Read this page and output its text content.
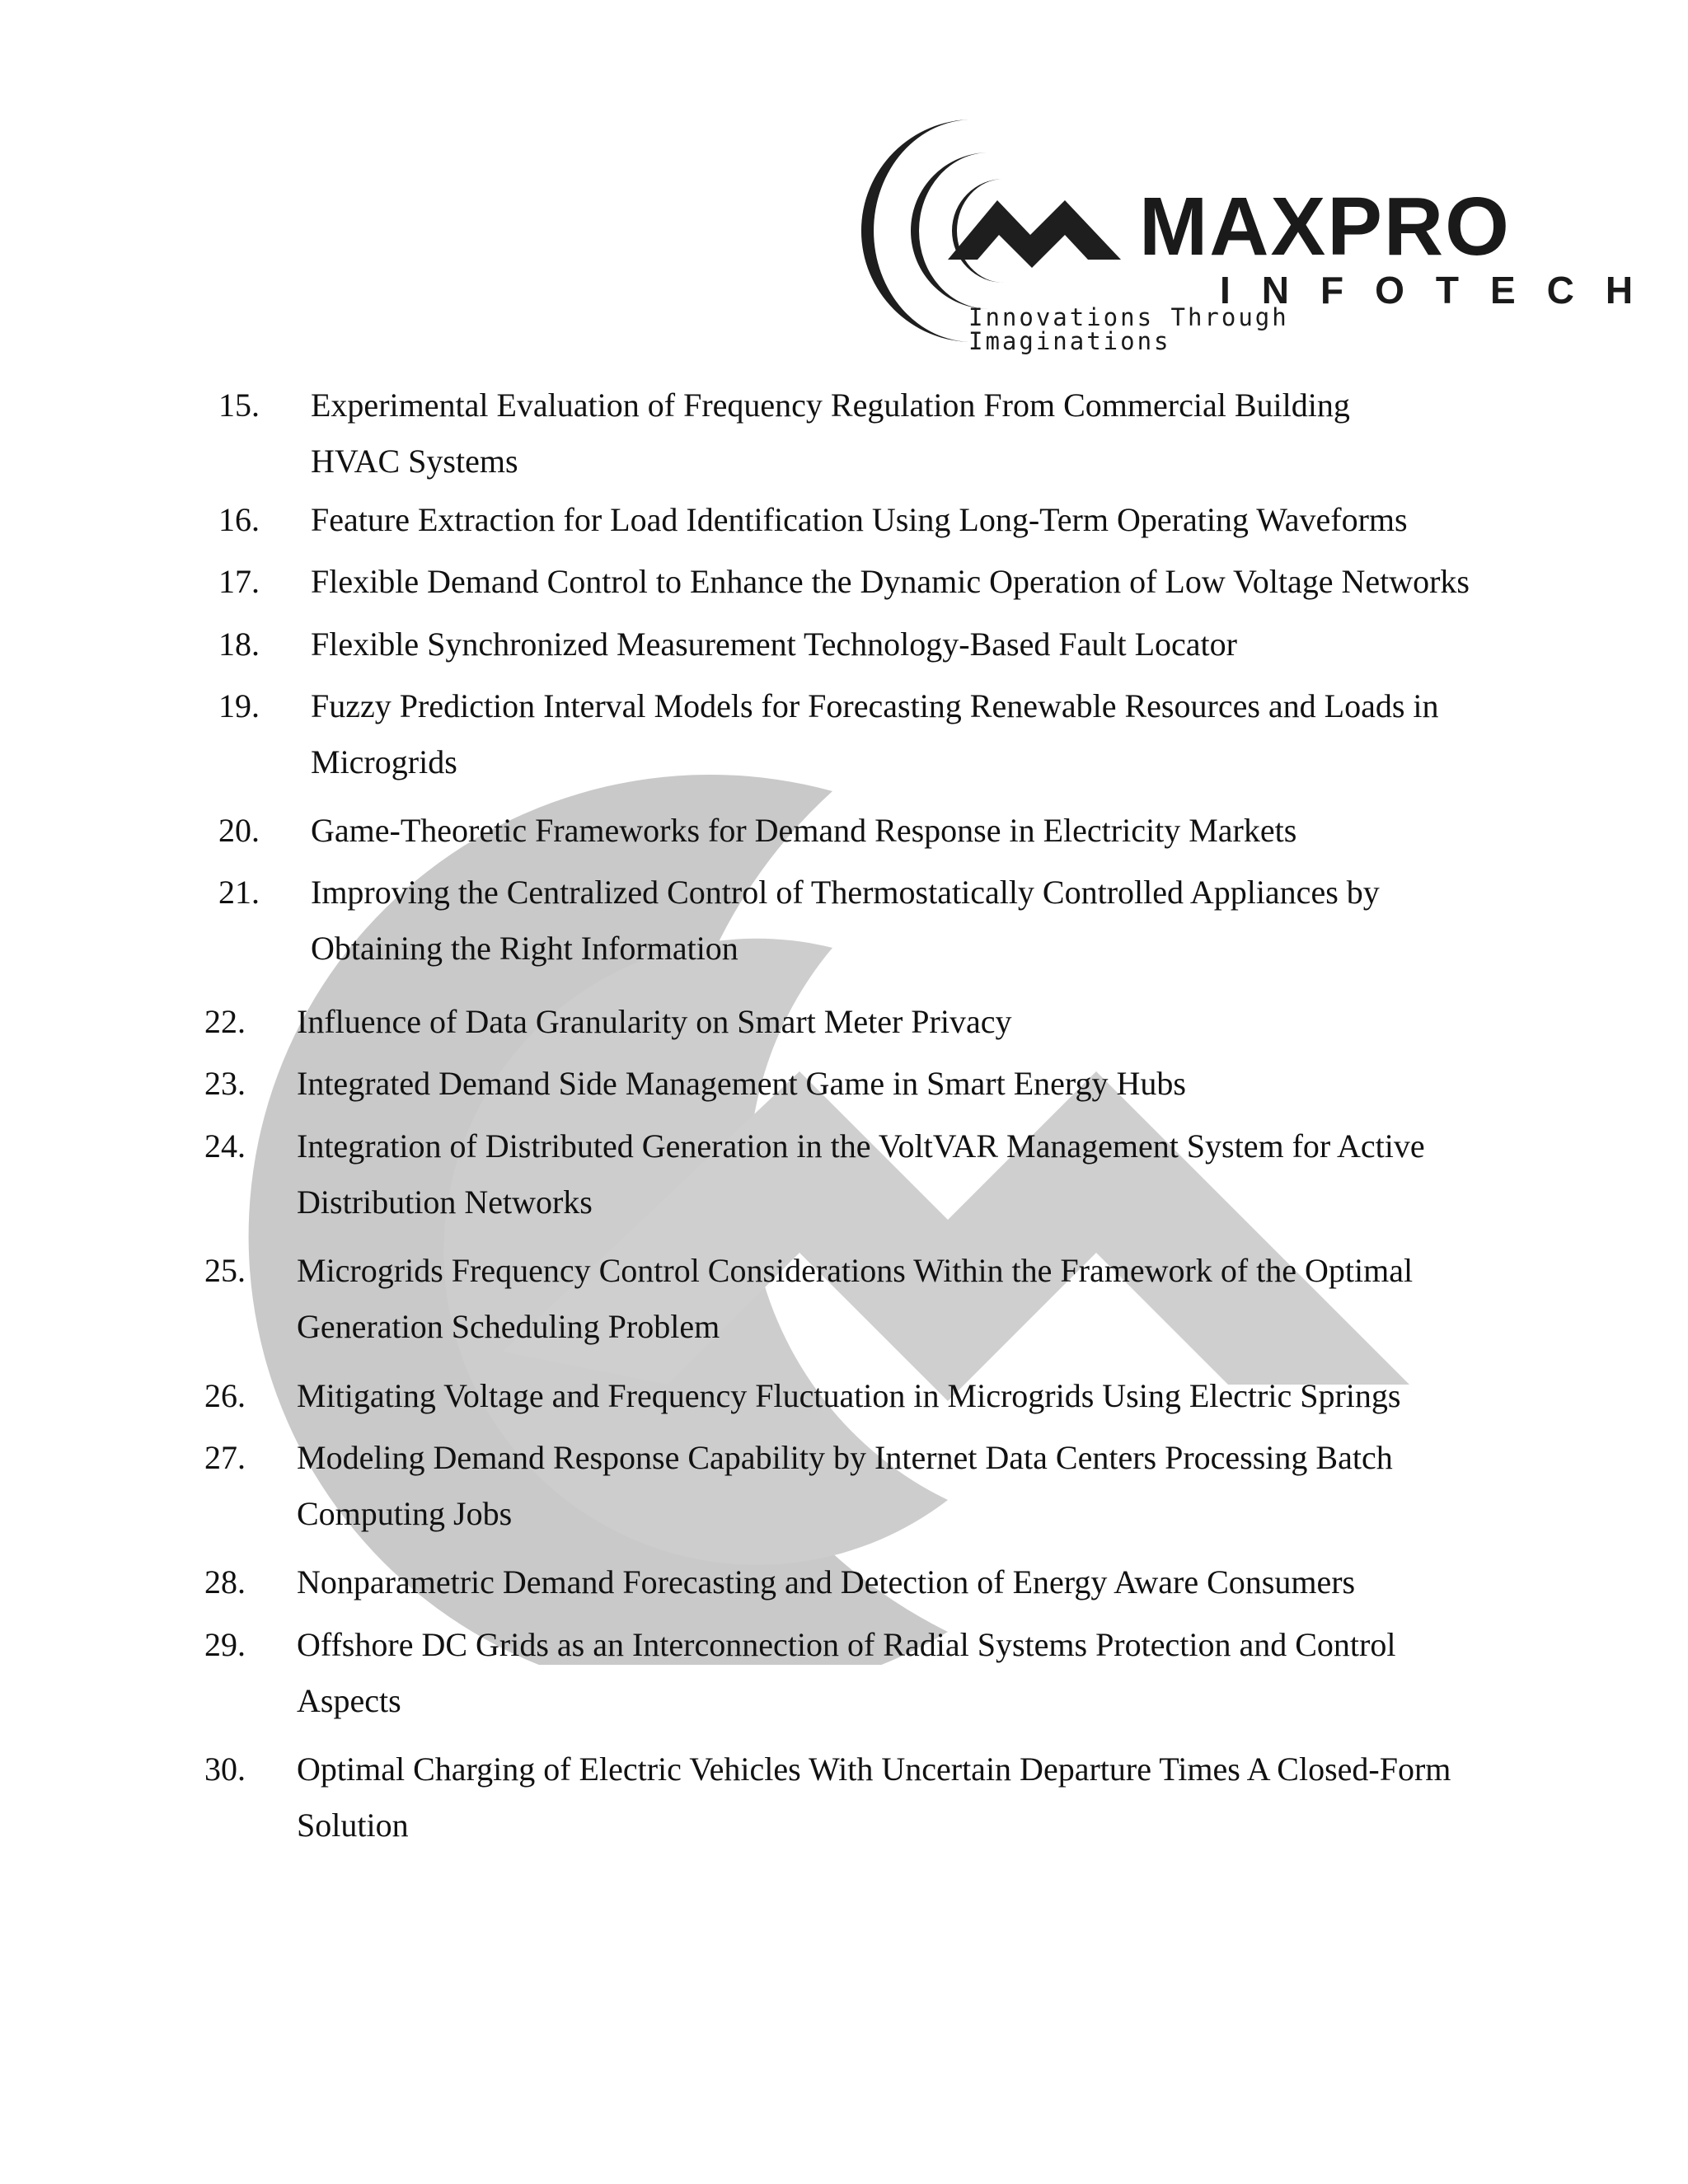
MAXPRO
INFOTECH
Innovations Through Imaginations
15. Experimental Evaluation of Frequency Regulation From Commercial Building HVAC Systems
16. Feature Extraction for Load Identification Using Long-Term Operating Waveforms
17. Flexible Demand Control to Enhance the Dynamic Operation of Low Voltage Networks
18. Flexible Synchronized Measurement Technology-Based Fault Locator
19. Fuzzy Prediction Interval Models for Forecasting Renewable Resources and Loads in Microgrids
20. Game-Theoretic Frameworks for Demand Response in Electricity Markets
21. Improving the Centralized Control of Thermostatically Controlled Appliances by Obtaining the Right Information
22. Influence of Data Granularity on Smart Meter Privacy
23. Integrated Demand Side Management Game in Smart Energy Hubs
24. Integration of Distributed Generation in the VoltVAR Management System for Active Distribution Networks
25. Microgrids Frequency Control Considerations Within the Framework of the Optimal Generation Scheduling Problem
26. Mitigating Voltage and Frequency Fluctuation in Microgrids Using Electric Springs
27. Modeling Demand Response Capability by Internet Data Centers Processing Batch Computing Jobs
28. Nonparametric Demand Forecasting and Detection of Energy Aware Consumers
29. Offshore DC Grids as an Interconnection of Radial Systems Protection and Control Aspects
30. Optimal Charging of Electric Vehicles With Uncertain Departure Times A Closed-Form Solution
